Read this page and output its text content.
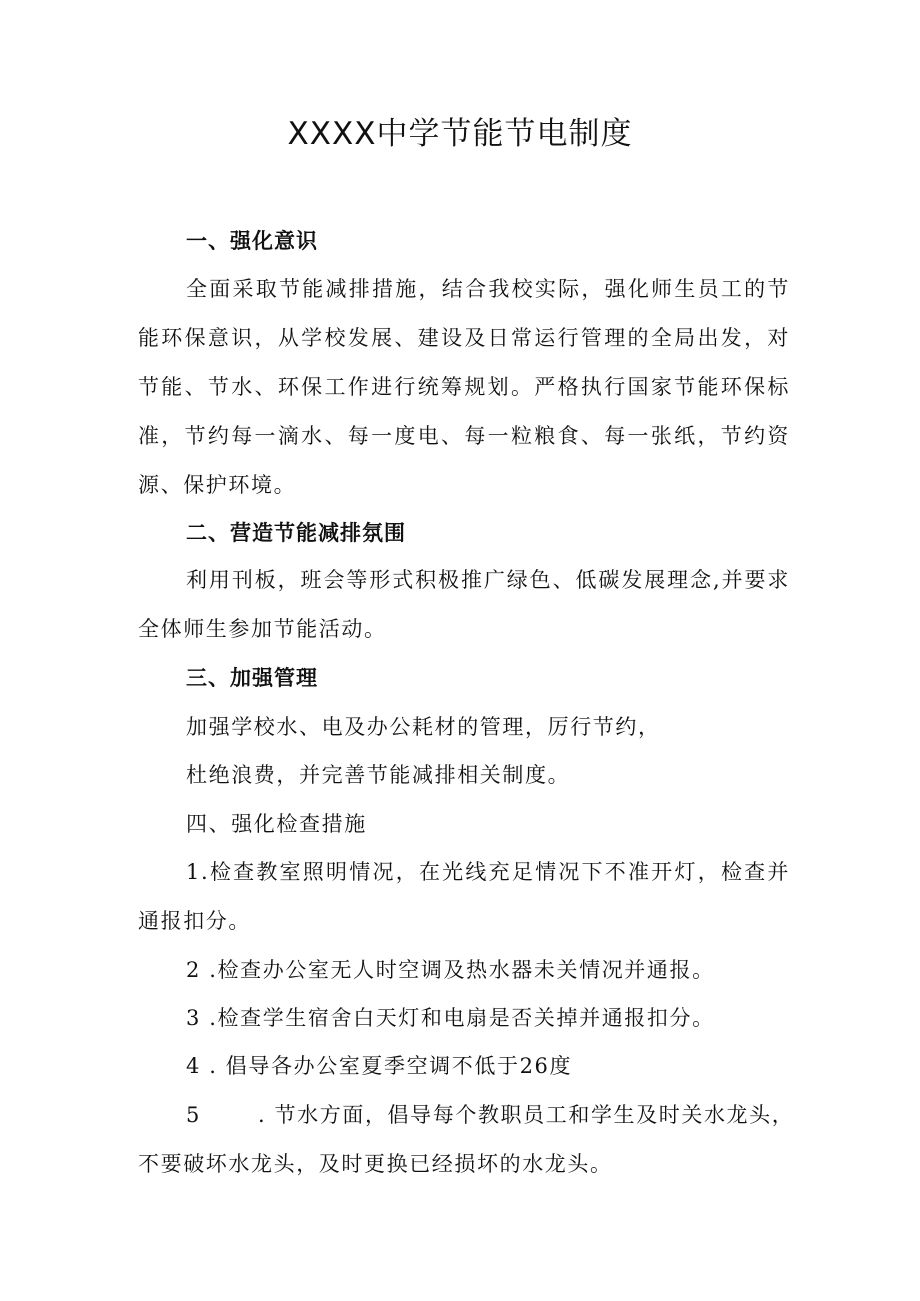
XXXX中学节能节电制度
一、强化意识
全面采取节能减排措施，结合我校实际，强化师生员工的节
能环保意识，从学校发展、建设及日常运行管理的全局出发，对
节能、节水、环保工作进行统筹规划。严格执行国家节能环保标
准，节约每一滴水、每一度电、每一粒粮食、每一张纸，节约资
源、保护环境。
二、营造节能减排氛围
利用刊板，班会等形式积极推广绿色、低碳发展理念,并要求
全体师生参加节能活动。
三、加强管理
加强学校水、电及办公耗材的管理，厉行节约，
杜绝浪费，并完善节能减排相关制度。
四、强化检查措施
1.检查教室照明情况，在光线充足情况下不准开灯，检查并
通报扣分。
2 .检查办公室无人时空调及热水器未关情况并通报。
3 .检查学生宿舍白天灯和电扇是否关掉并通报扣分。
4 . 倡导各办公室夏季空调不低于26度
5	. 节水方面，倡导每个教职员工和学生及时关水龙头，
不要破坏水龙头，及时更换已经损坏的水龙头。
